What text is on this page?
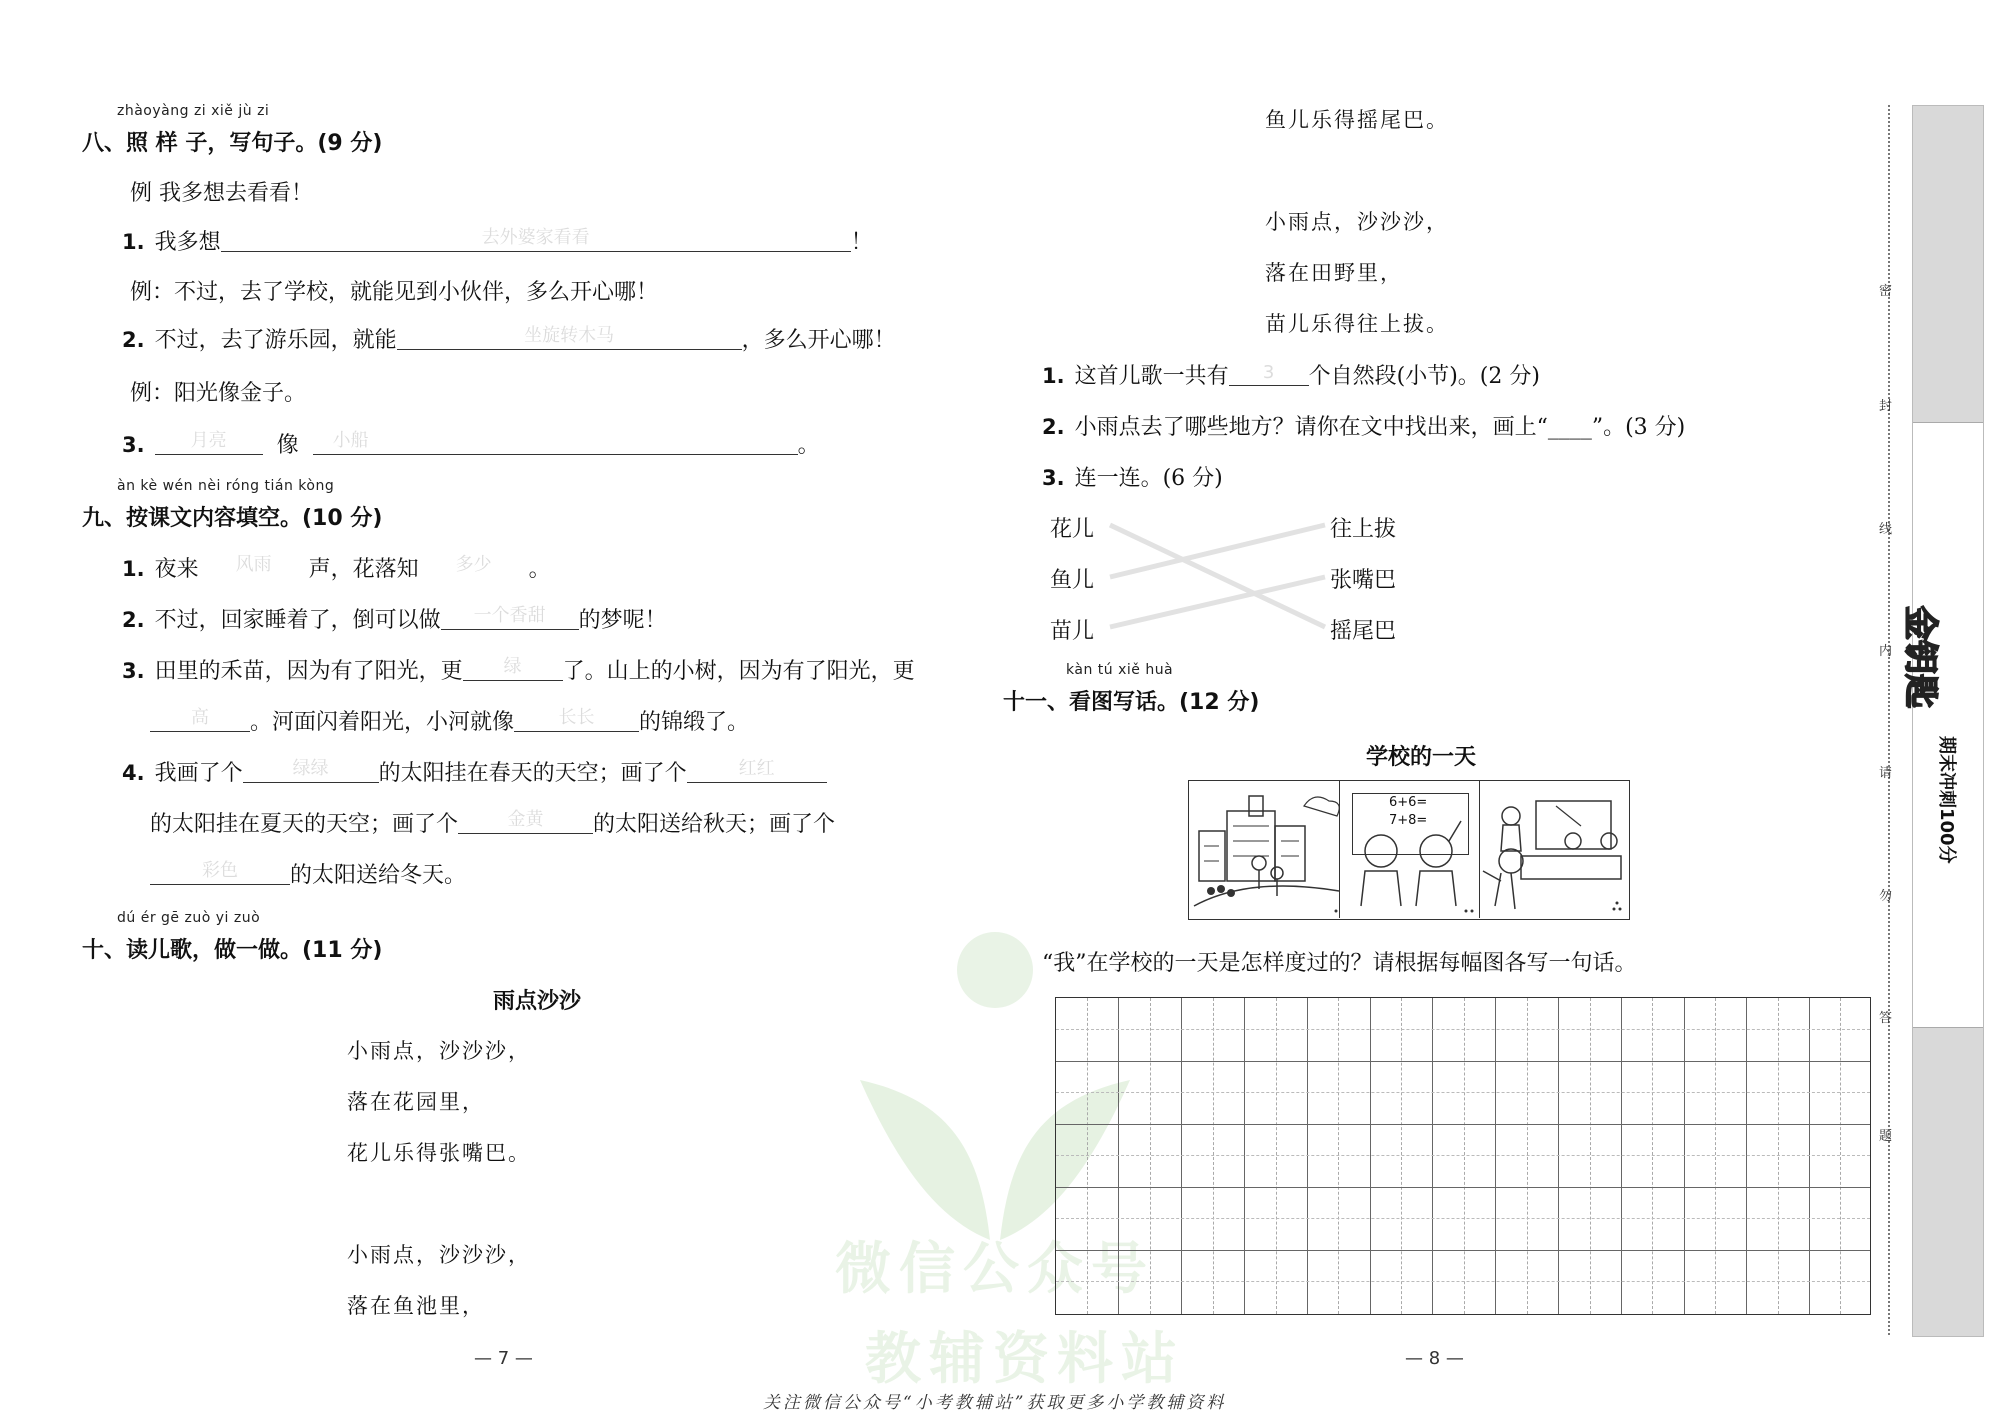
zhàoyàng zi xiě jù zi
八、照 样 子，写句子。(9 分)
例 我多想去看看！
1. 我多想	去外婆家看看	！
例：不过，去了学校，就能见到小伙伴，多么开心哪！
2. 不过，去了游乐园，就能	坐旋转木马	，多么开心哪！
例：阳光像金子。
3.	月亮	像	小船	。
àn kè wén nèi róng tián kòng
九、按课文内容填空。(10 分)
1. 夜来	风雨	声，花落知	多少	。
2. 不过，回家睡着了，倒可以做	一个香甜	的梦呢！
3. 田里的禾苗，因为有了阳光，更	绿	了。山上的小树，因为有了阳光，更
高	。河面闪着阳光，小河就像	长长	的锦缎了。
4. 我画了个	绿绿	的太阳挂在春天的天空；画了个	红红
的太阳挂在夏天的天空；画了个	金黄	的太阳送给秋天；画了个
彩色	的太阳送给冬天。
dú ér gē zuò yi zuò
十、读儿歌，做一做。(11 分)
雨点沙沙
小雨点，沙沙沙，
落在花园里，
花儿乐得张嘴巴。
小雨点，沙沙沙，
落在鱼池里，
— 7 —
微信公众号
教辅资料站
鱼儿乐得摇尾巴。
小雨点，沙沙沙，
落在田野里，
苗儿乐得往上拔。
1. 这首儿歌一共有	3	个自然段(小节)。(2 分)
2. 小雨点去了哪些地方？请你在文中找出来，画上“____”。(3 分)
3. 连一连。(6 分)
花儿
鱼儿
苗儿
往上拔
张嘴巴
摇尾巴
kàn tú xiě huà
十一、看图写话。(12 分)
学校的一天
6+6=
7+8=
“我”在学校的一天是怎样度过的？请根据每幅图各写一句话。
— 8 —
密
封
线
内
请
勿
答
题
金钥匙
期末冲刺100分
关注微信公众号“小考教辅站”获取更多小学教辅资料
